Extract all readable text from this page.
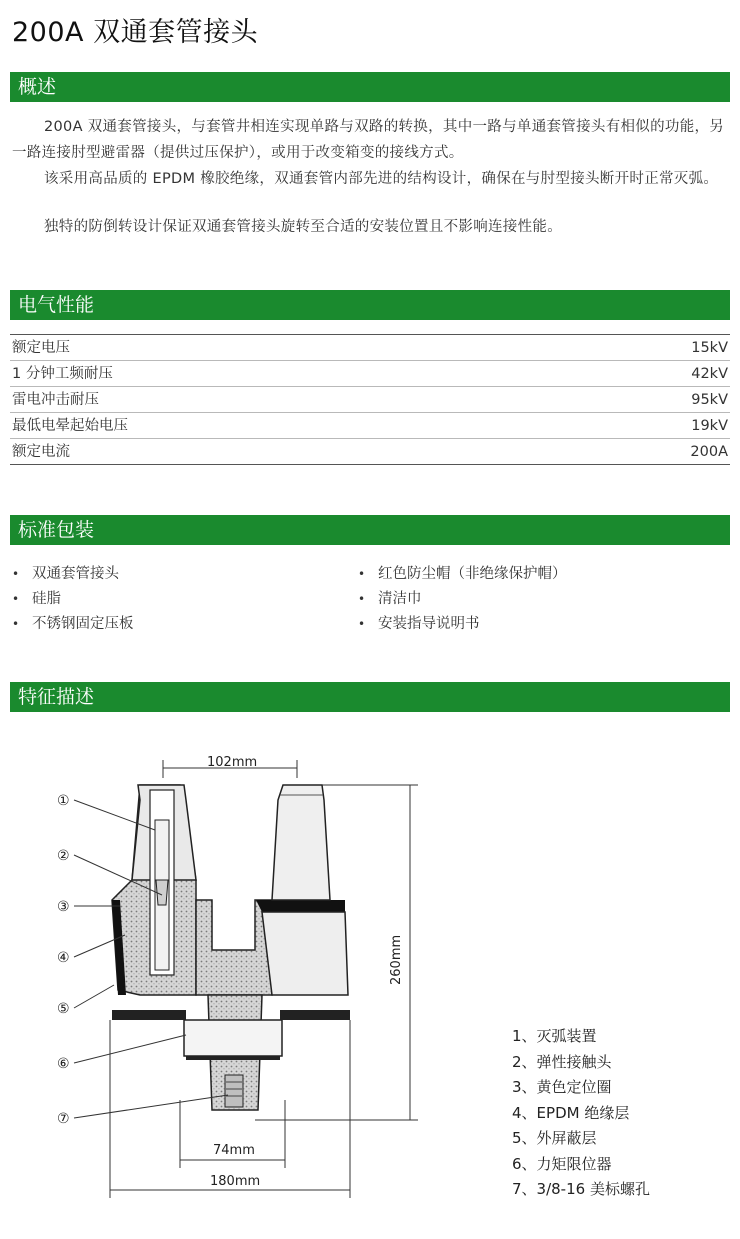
200A 双通套管接头
概述

200A 双通套管接头，与套管井相连实现单路与双路的转换，其中一路与单通套管接头有相似的功能，另一路连接肘型避雷器（提供过压保护），或用于改变箱变的接线方式。

该采用高品质的 EPDM 橡胶绝缘，双通套管内部先进的结构设计，确保在与肘型接头断开时正常灭弧。

独特的防倒转设计保证双通套管接头旋转至合适的安装位置且不影响连接性能。

电气性能
额定电压	15kV
1 分钟工频耐压	42kV
雷电冲击耐压	95kV
最低电晕起始电压	19kV
额定电流	200A
标准包装
• 双通套管接头
• 硅脂
• 不锈钢固定压板
• 红色防尘帽（非绝缘保护帽）
• 清洁巾
• 安装指导说明书
特征描述
102mm
260mm
74mm
180mm
①
②
③
④
⑤
⑥
⑦
1、灭弧装置
2、弹性接触头
3、黄色定位圈
4、EPDM 绝缘层
5、外屏蔽层
6、力矩限位器
7、3/8-16 美标螺孔
